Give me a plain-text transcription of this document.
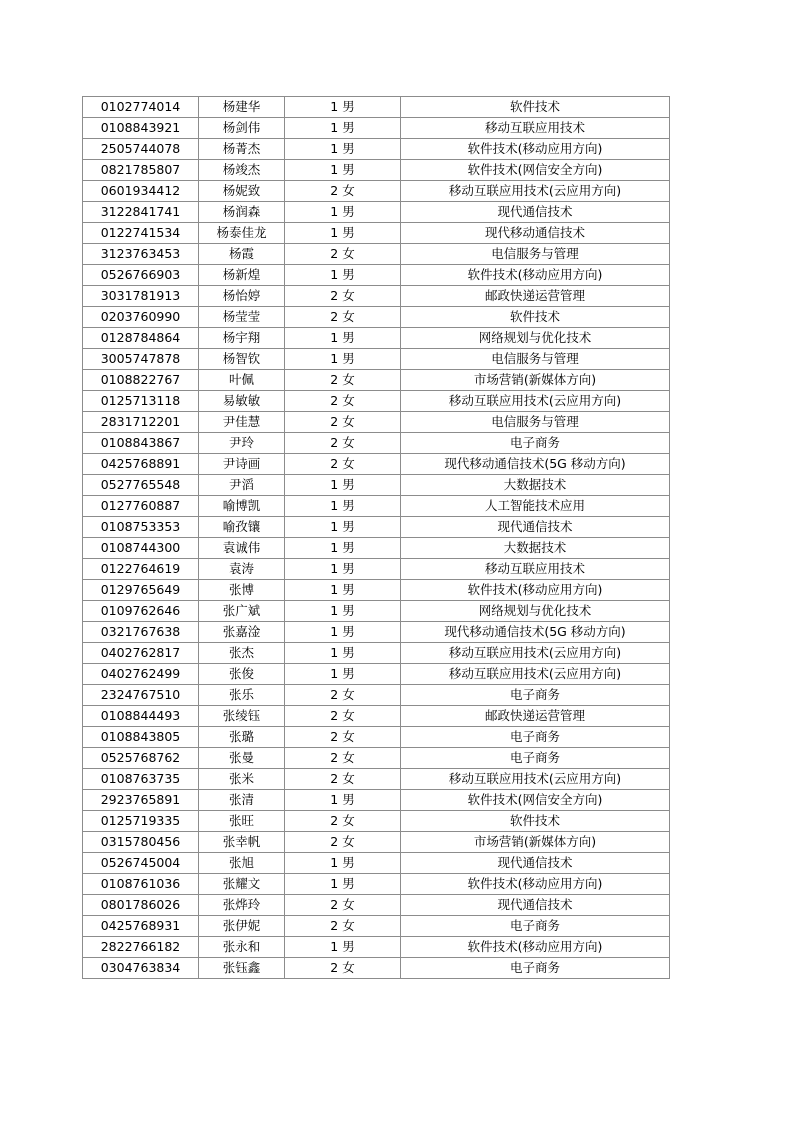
0102774014	杨建华	1 男	软件技术
0108843921	杨剑伟	1 男	移动互联应用技术
2505744078	杨菁杰	1 男	软件技术(移动应用方向)
0821785807	杨竣杰	1 男	软件技术(网信安全方向)
0601934412	杨妮致	2 女	移动互联应用技术(云应用方向)
3122841741	杨润森	1 男	现代通信技术
0122741534	杨泰佳龙	1 男	现代移动通信技术
3123763453	杨霞	2 女	电信服务与管理
0526766903	杨新煌	1 男	软件技术(移动应用方向)
3031781913	杨怡婷	2 女	邮政快递运营管理
0203760990	杨莹莹	2 女	软件技术
0128784864	杨宇翔	1 男	网络规划与优化技术
3005747878	杨智钦	1 男	电信服务与管理
0108822767	叶佩	2 女	市场营销(新媒体方向)
0125713118	易敏敏	2 女	移动互联应用技术(云应用方向)
2831712201	尹佳慧	2 女	电信服务与管理
0108843867	尹玲	2 女	电子商务
0425768891	尹诗画	2 女	现代移动通信技术(5G 移动方向)
0527765548	尹滔	1 男	大数据技术
0127760887	喻博凯	1 男	人工智能技术应用
0108753353	喻孜镶	1 男	现代通信技术
0108744300	袁诚伟	1 男	大数据技术
0122764619	袁涛	1 男	移动互联应用技术
0129765649	张博	1 男	软件技术(移动应用方向)
0109762646	张广斌	1 男	网络规划与优化技术
0321767638	张嘉淦	1 男	现代移动通信技术(5G 移动方向)
0402762817	张杰	1 男	移动互联应用技术(云应用方向)
0402762499	张俊	1 男	移动互联应用技术(云应用方向)
2324767510	张乐	2 女	电子商务
0108844493	张绫钰	2 女	邮政快递运营管理
0108843805	张璐	2 女	电子商务
0525768762	张曼	2 女	电子商务
0108763735	张米	2 女	移动互联应用技术(云应用方向)
2923765891	张清	1 男	软件技术(网信安全方向)
0125719335	张旺	2 女	软件技术
0315780456	张幸帆	2 女	市场营销(新媒体方向)
0526745004	张旭	1 男	现代通信技术
0108761036	张耀文	1 男	软件技术(移动应用方向)
0801786026	张烨玲	2 女	现代通信技术
0425768931	张伊妮	2 女	电子商务
2822766182	张永和	1 男	软件技术(移动应用方向)
0304763834	张钰鑫	2 女	电子商务
